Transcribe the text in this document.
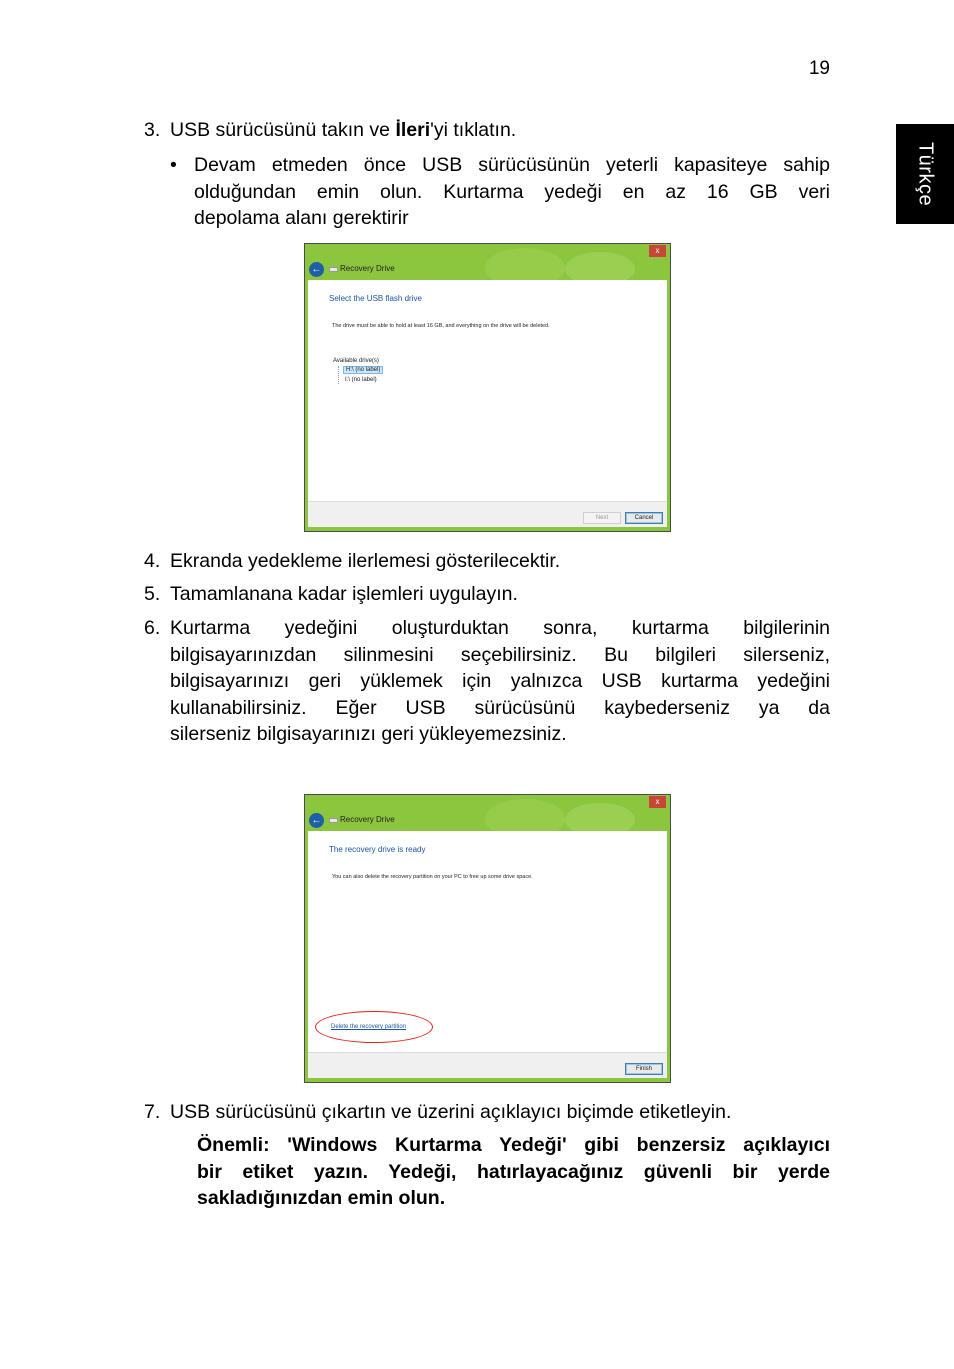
19
Türkçe
3. USB sürücüsünü takın ve İleri'yi tıklatın.
• Devam etmeden önce USB sürücüsünün yeterli kapasiteye sahip
olduğundan emin olun. Kurtarma yedeği en az 16 GB veri
depolama alanı gerektirir
x
←	Recovery Drive
Select the USB flash drive
The drive must be able to hold at least 16 GB, and everything on the drive will be deleted.
Available drive(s)
H:\ (no label)
I:\ (no label)
Next	Cancel
4. Ekranda yedekleme ilerlemesi gösterilecektir.
5. Tamamlanana kadar işlemleri uygulayın.
6. Kurtarma yedeğini oluşturduktan sonra, kurtarma bilgilerinin
bilgisayarınızdan silinmesini seçebilirsiniz. Bu bilgileri silerseniz,
bilgisayarınızı geri yüklemek için yalnızca USB kurtarma yedeğini
kullanabilirsiniz. Eğer USB sürücüsünü kaybederseniz ya da
silerseniz bilgisayarınızı geri yükleyemezsiniz.
x
←	Recovery Drive
The recovery drive is ready
You can also delete the recovery partition on your PC to free up some drive space.
Delete the recovery partition
Finish
7. USB sürücüsünü çıkartın ve üzerini açıklayıcı biçimde etiketleyin.
Önemli: 'Windows Kurtarma Yedeği' gibi benzersiz açıklayıcı
bir etiket yazın. Yedeği, hatırlayacağınız güvenli bir yerde
sakladığınızdan emin olun.
